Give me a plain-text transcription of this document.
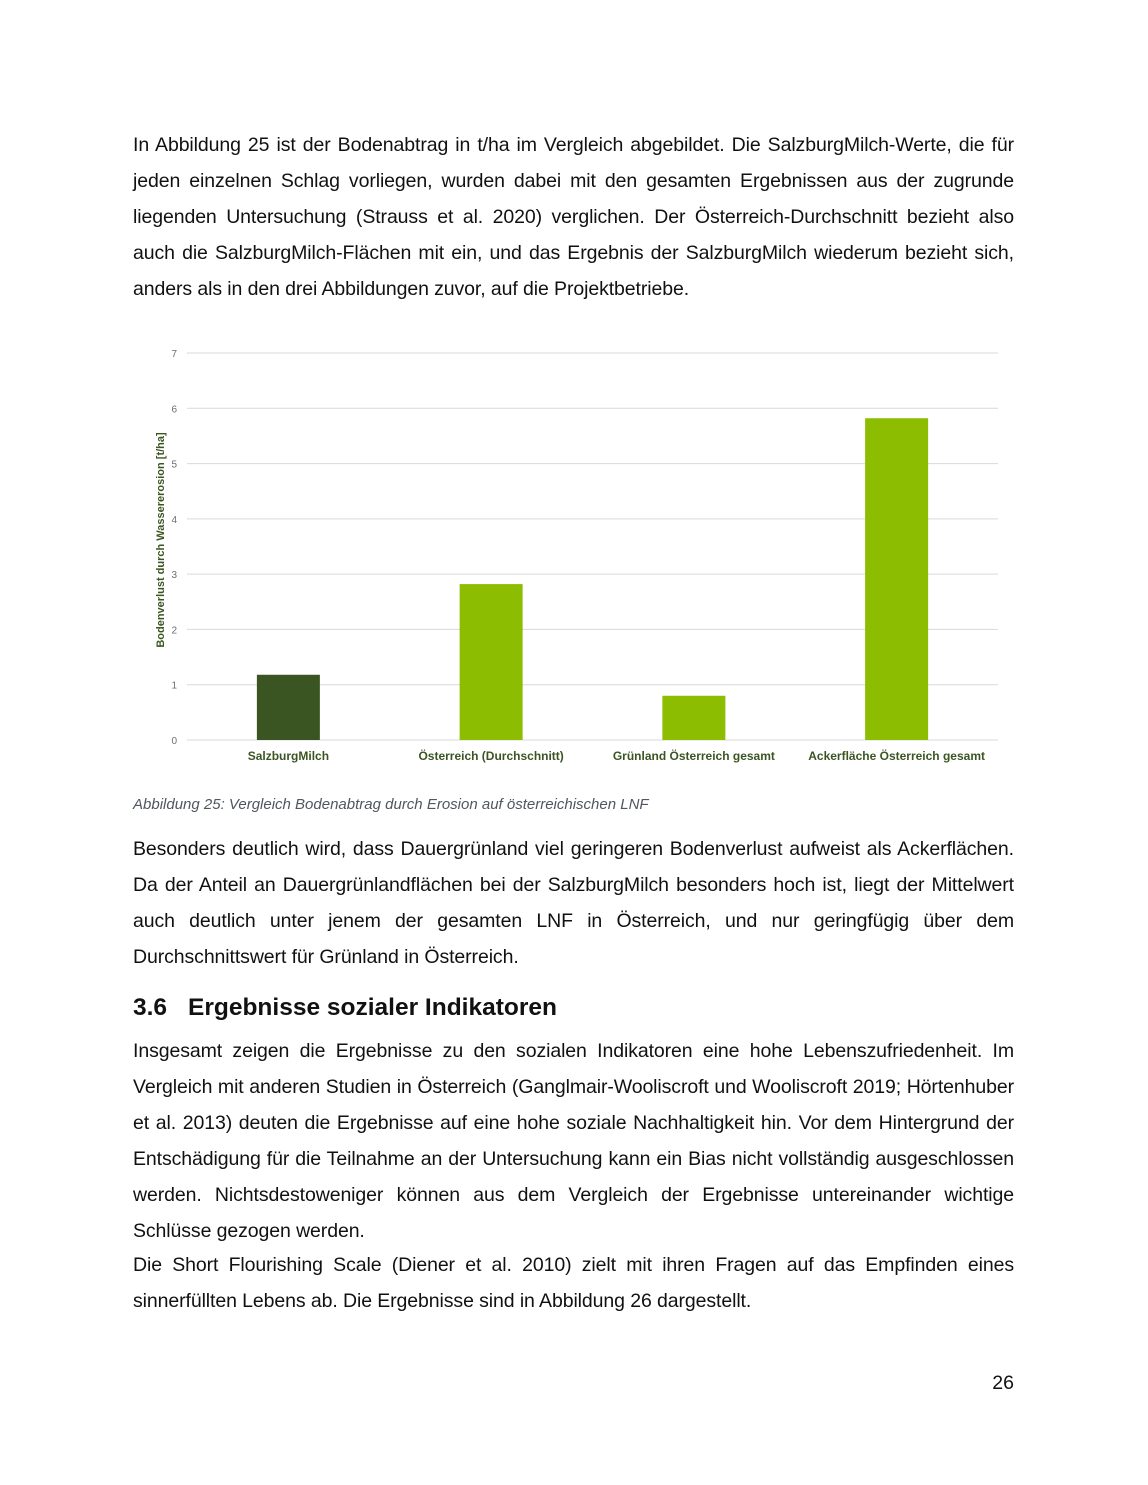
In Abbildung 25 ist der Bodenabtrag in t/ha im Vergleich abgebildet. Die SalzburgMilch-Werte, die für jeden einzelnen Schlag vorliegen, wurden dabei mit den gesamten Ergebnissen aus der zugrunde liegenden Untersuchung (Strauss et al. 2020) verglichen. Der Österreich-Durchschnitt bezieht also auch die SalzburgMilch-Flächen mit ein, und das Ergebnis der SalzburgMilch wiederum bezieht sich, anders als in den drei Abbildungen zuvor, auf die Projektbetriebe.

0
1
2
3
4
5
6
7
SalzburgMilch	Österreich (Durchschnitt)	Grünland Österreich gesamt	Ackerfläche Österreich gesamt
Bodenverlust durch Wassererosion [t/ha]

Abbildung 25: Vergleich Bodenabtrag durch Erosion auf österreichischen LNF

Besonders deutlich wird, dass Dauergrünland viel geringeren Bodenverlust aufweist als Ackerflächen. Da der Anteil an Dauergrünlandflächen bei der SalzburgMilch besonders hoch ist, liegt der Mittelwert auch deutlich unter jenem der gesamten LNF in Österreich, und nur geringfügig über dem Durchschnittswert für Grünland in Österreich.

3.6 Ergebnisse sozialer Indikatoren

Insgesamt zeigen die Ergebnisse zu den sozialen Indikatoren eine hohe Lebenszufriedenheit. Im Vergleich mit anderen Studien in Österreich (Ganglmair-Wooliscroft und Wooliscroft 2019; Hörtenhuber et al. 2013) deuten die Ergebnisse auf eine hohe soziale Nachhaltigkeit hin. Vor dem Hintergrund der Entschädigung für die Teilnahme an der Untersuchung kann ein Bias nicht vollständig ausgeschlossen werden. Nichtsdestoweniger können aus dem Vergleich der Ergebnisse untereinander wichtige Schlüsse gezogen werden.

Die Short Flourishing Scale (Diener et al. 2010) zielt mit ihren Fragen auf das Empfinden eines sinnerfüllten Lebens ab. Die Ergebnisse sind in Abbildung 26 dargestellt.

26
